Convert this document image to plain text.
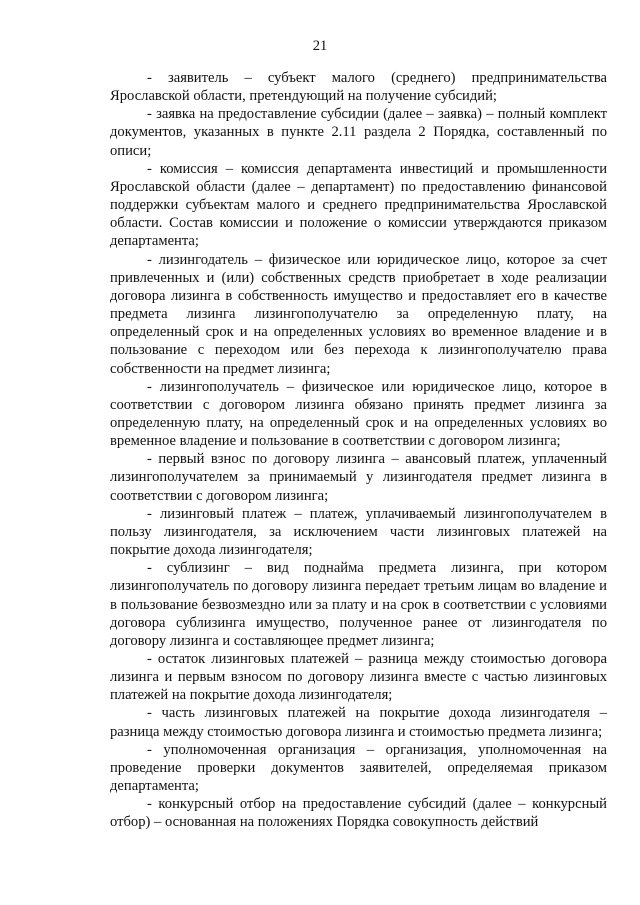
21

- заявитель – субъект малого (среднего) предпринимательства Ярославской области, претендующий на получение субсидий;

- заявка на предоставление субсидии (далее – заявка) – полный комплект документов, указанных в пункте 2.11 раздела 2 Порядка, составленный по описи;

- комиссия – комиссия департамента инвестиций и промышленности Ярославской области (далее – департамент) по предоставлению финансовой поддержки субъектам малого и среднего предпринимательства Ярославской области. Состав комиссии и положение о комиссии утверждаются приказом департамента;

- лизингодатель – физическое или юридическое лицо, которое за счет привлеченных и (или) собственных средств приобретает в ходе реализации договора лизинга в собственность имущество и предоставляет его в качестве предмета лизинга лизингополучателю за определенную плату, на определенный срок и на определенных условиях во временное владение и в пользование с переходом или без перехода к лизингополучателю права собственности на предмет лизинга;

- лизингополучатель – физическое или юридическое лицо, которое в соответствии с договором лизинга обязано принять предмет лизинга за определенную плату, на определенный срок и на определенных условиях во временное владение и пользование в соответствии с договором лизинга;

- первый взнос по договору лизинга – авансовый платеж, уплаченный лизингополучателем за принимаемый у лизингодателя предмет лизинга в соответствии с договором лизинга;

- лизинговый платеж – платеж, уплачиваемый лизингополучателем в пользу лизингодателя, за исключением части лизинговых платежей на покрытие дохода лизингодателя;

- сублизинг – вид поднайма предмета лизинга, при котором лизингополучатель по договору лизинга передает третьим лицам во владение и в пользование безвозмездно или за плату и на срок в соответствии с условиями договора сублизинга имущество, полученное ранее от лизингодателя по договору лизинга и составляющее предмет лизинга;

- остаток лизинговых платежей – разница между стоимостью договора лизинга и первым взносом по договору лизинга вместе с частью лизинговых платежей на покрытие дохода лизингодателя;

- часть лизинговых платежей на покрытие дохода лизингодателя – разница между стоимостью договора лизинга и стоимостью предмета лизинга;

- уполномоченная организация – организация, уполномоченная на проведение проверки документов заявителей, определяемая приказом департамента;

- конкурсный отбор на предоставление субсидий (далее – конкурсный отбор) – основанная на положениях Порядка совокупность действий
